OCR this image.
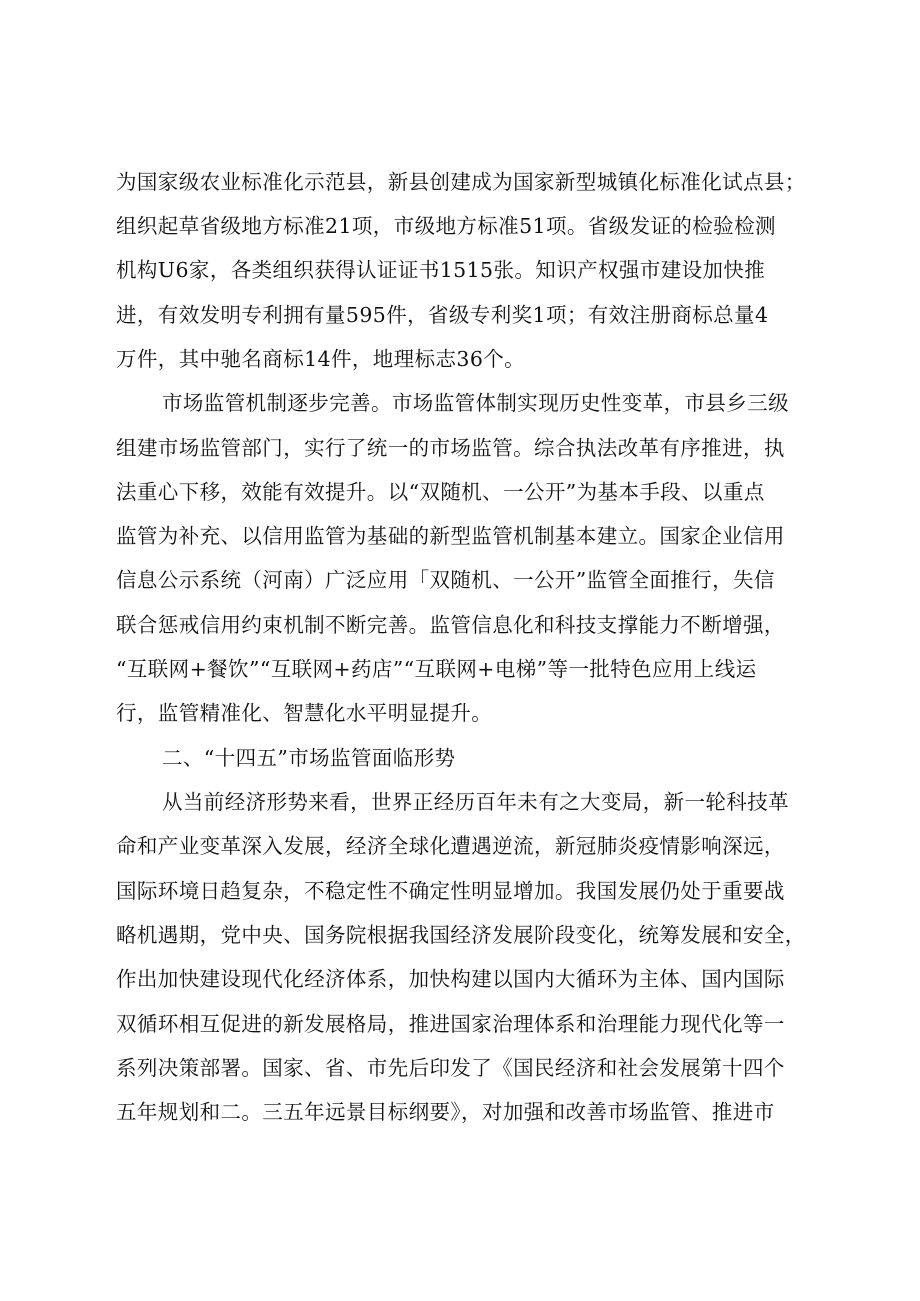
为国家级农业标准化示范县，新县创建成为国家新型城镇化标准化试点县；
组织起草省级地方标准21项，市级地方标准51项。省级发证的检验检测
机构U6家，各类组织获得认证证书1515张。知识产权强市建设加快推
进，有效发明专利拥有量595件，省级专利奖1项；有效注册商标总量4
万件，其中驰名商标14件，地理标志36个。
市场监管机制逐步完善。市场监管体制实现历史性变革，市县乡三级
组建市场监管部门，实行了统一的市场监管。综合执法改革有序推进，执
法重心下移，效能有效提升。以“双随机、一公开”为基本手段、以重点
监管为补充、以信用监管为基础的新型监管机制基本建立。国家企业信用
信息公示系统（河南）广泛应用「双随机、一公开”监管全面推行，失信
联合惩戒信用约束机制不断完善。监管信息化和科技支撑能力不断增强，
“互联网+餐饮”“互联网+药店”“互联网+电梯”等一批特色应用上线运
行，监管精准化、智慧化水平明显提升。
二、“十四五”市场监管面临形势
从当前经济形势来看，世界正经历百年未有之大变局，新一轮科技革
命和产业变革深入发展，经济全球化遭遇逆流，新冠肺炎疫情影响深远，
国际环境日趋复杂，不稳定性不确定性明显增加。我国发展仍处于重要战
略机遇期，党中央、国务院根据我国经济发展阶段变化，统筹发展和安全，
作出加快建设现代化经济体系，加快构建以国内大循环为主体、国内国际
双循环相互促进的新发展格局，推进国家治理体系和治理能力现代化等一
系列决策部署。国家、省、市先后印发了《国民经济和社会发展第十四个
五年规划和二。三五年远景目标纲要》，对加强和改善市场监管、推进市
